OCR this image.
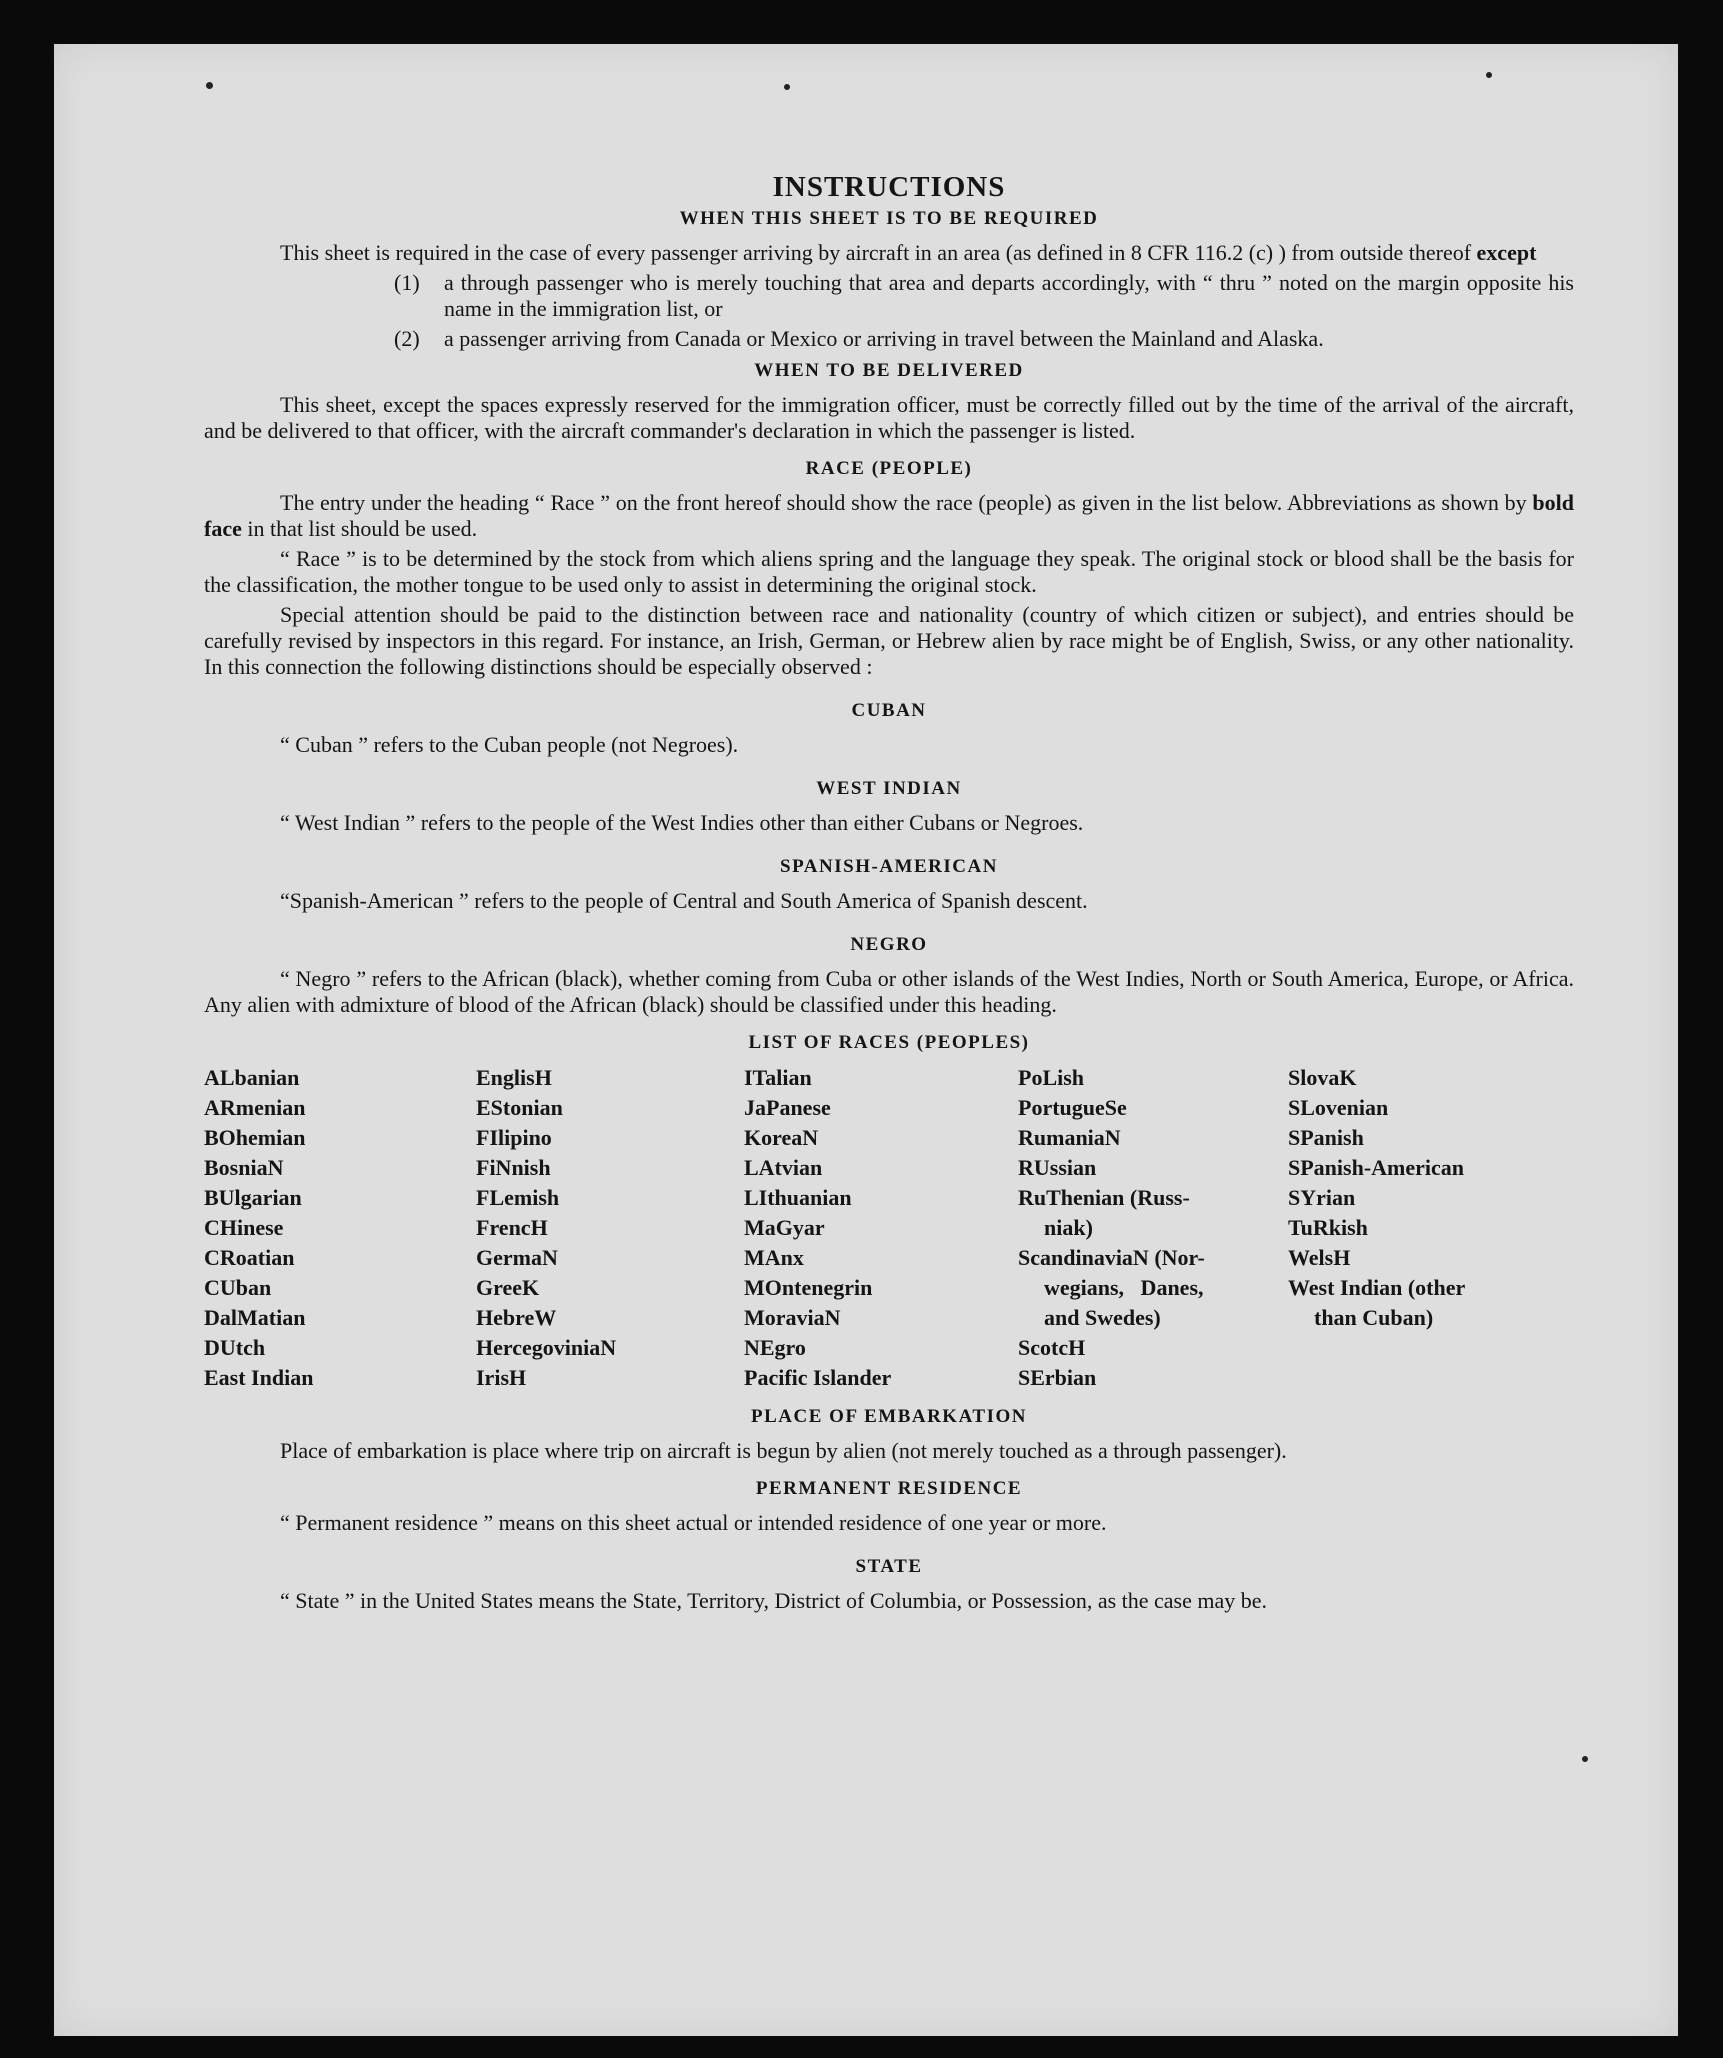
INSTRUCTIONS
WHEN THIS SHEET IS TO BE REQUIRED
This sheet is required in the case of every passenger arriving by aircraft in an area (as defined in 8 CFR 116.2 (c) ) from outside thereof except
(1)	a through passenger who is merely touching that area and departs accordingly, with “ thru ” noted on the margin opposite his name in the immigration list, or
(2)	a passenger arriving from Canada or Mexico or arriving in travel between the Mainland and Alaska.
WHEN TO BE DELIVERED
This sheet, except the spaces expressly reserved for the immigration officer, must be correctly filled out by the time of the arrival of the aircraft, and be delivered to that officer, with the aircraft commander's declaration in which the passenger is listed.
RACE (PEOPLE)
The entry under the heading “ Race ” on the front hereof should show the race (people) as given in the list below. Abbreviations as shown by bold face in that list should be used.
“ Race ” is to be determined by the stock from which aliens spring and the language they speak. The original stock or blood shall be the basis for the classification, the mother tongue to be used only to assist in determining the original stock.
Special attention should be paid to the distinction between race and nationality (country of which citizen or subject), and entries should be carefully revised by inspectors in this regard. For instance, an Irish, German, or Hebrew alien by race might be of English, Swiss, or any other nationality. In this connection the following distinctions should be especially observed :
CUBAN
“ Cuban ” refers to the Cuban people (not Negroes).
WEST INDIAN
“ West Indian ” refers to the people of the West Indies other than either Cubans or Negroes.
SPANISH-AMERICAN
“Spanish-American ” refers to the people of Central and South America of Spanish descent.
NEGRO
“ Negro ” refers to the African (black), whether coming from Cuba or other islands of the West Indies, North or South America, Europe, or Africa. Any alien with admixture of blood of the African (black) should be classified under this heading.
LIST OF RACES (PEOPLES)
ALbanian
ARmenian
BOhemian
BosniaN
BUlgarian
CHinese
CRoatian
CUban
DalMatian
DUtch
East Indian
EnglisH
EStonian
FIlipino
FiNnish
FLemish
FrencH
GermaN
GreeK
HebreW
HercegoviniaN
IrisH
ITalian
JaPanese
KoreaN
LAtvian
LIthuanian
MaGyar
MAnx
MOntenegrin
MoraviaN
NEgro
Pacific Islander
PoLish
PortugueSe
RumaniaN
RUssian
RuThenian (Russ-
niak)
ScandinaviaN (Nor-
wegians,   Danes,
and Swedes)
ScotcH
SErbian
SlovaK
SLovenian
SPanish
SPanish-American
SYrian
TuRkish
WelsH
West Indian (other
than Cuban)
PLACE OF EMBARKATION
Place of embarkation is place where trip on aircraft is begun by alien (not merely touched as a through passenger).
PERMANENT RESIDENCE
“ Permanent residence ” means on this sheet actual or intended residence of one year or more.
STATE
“ State ” in the United States means the State, Territory, District of Columbia, or Possession, as the case may be.
